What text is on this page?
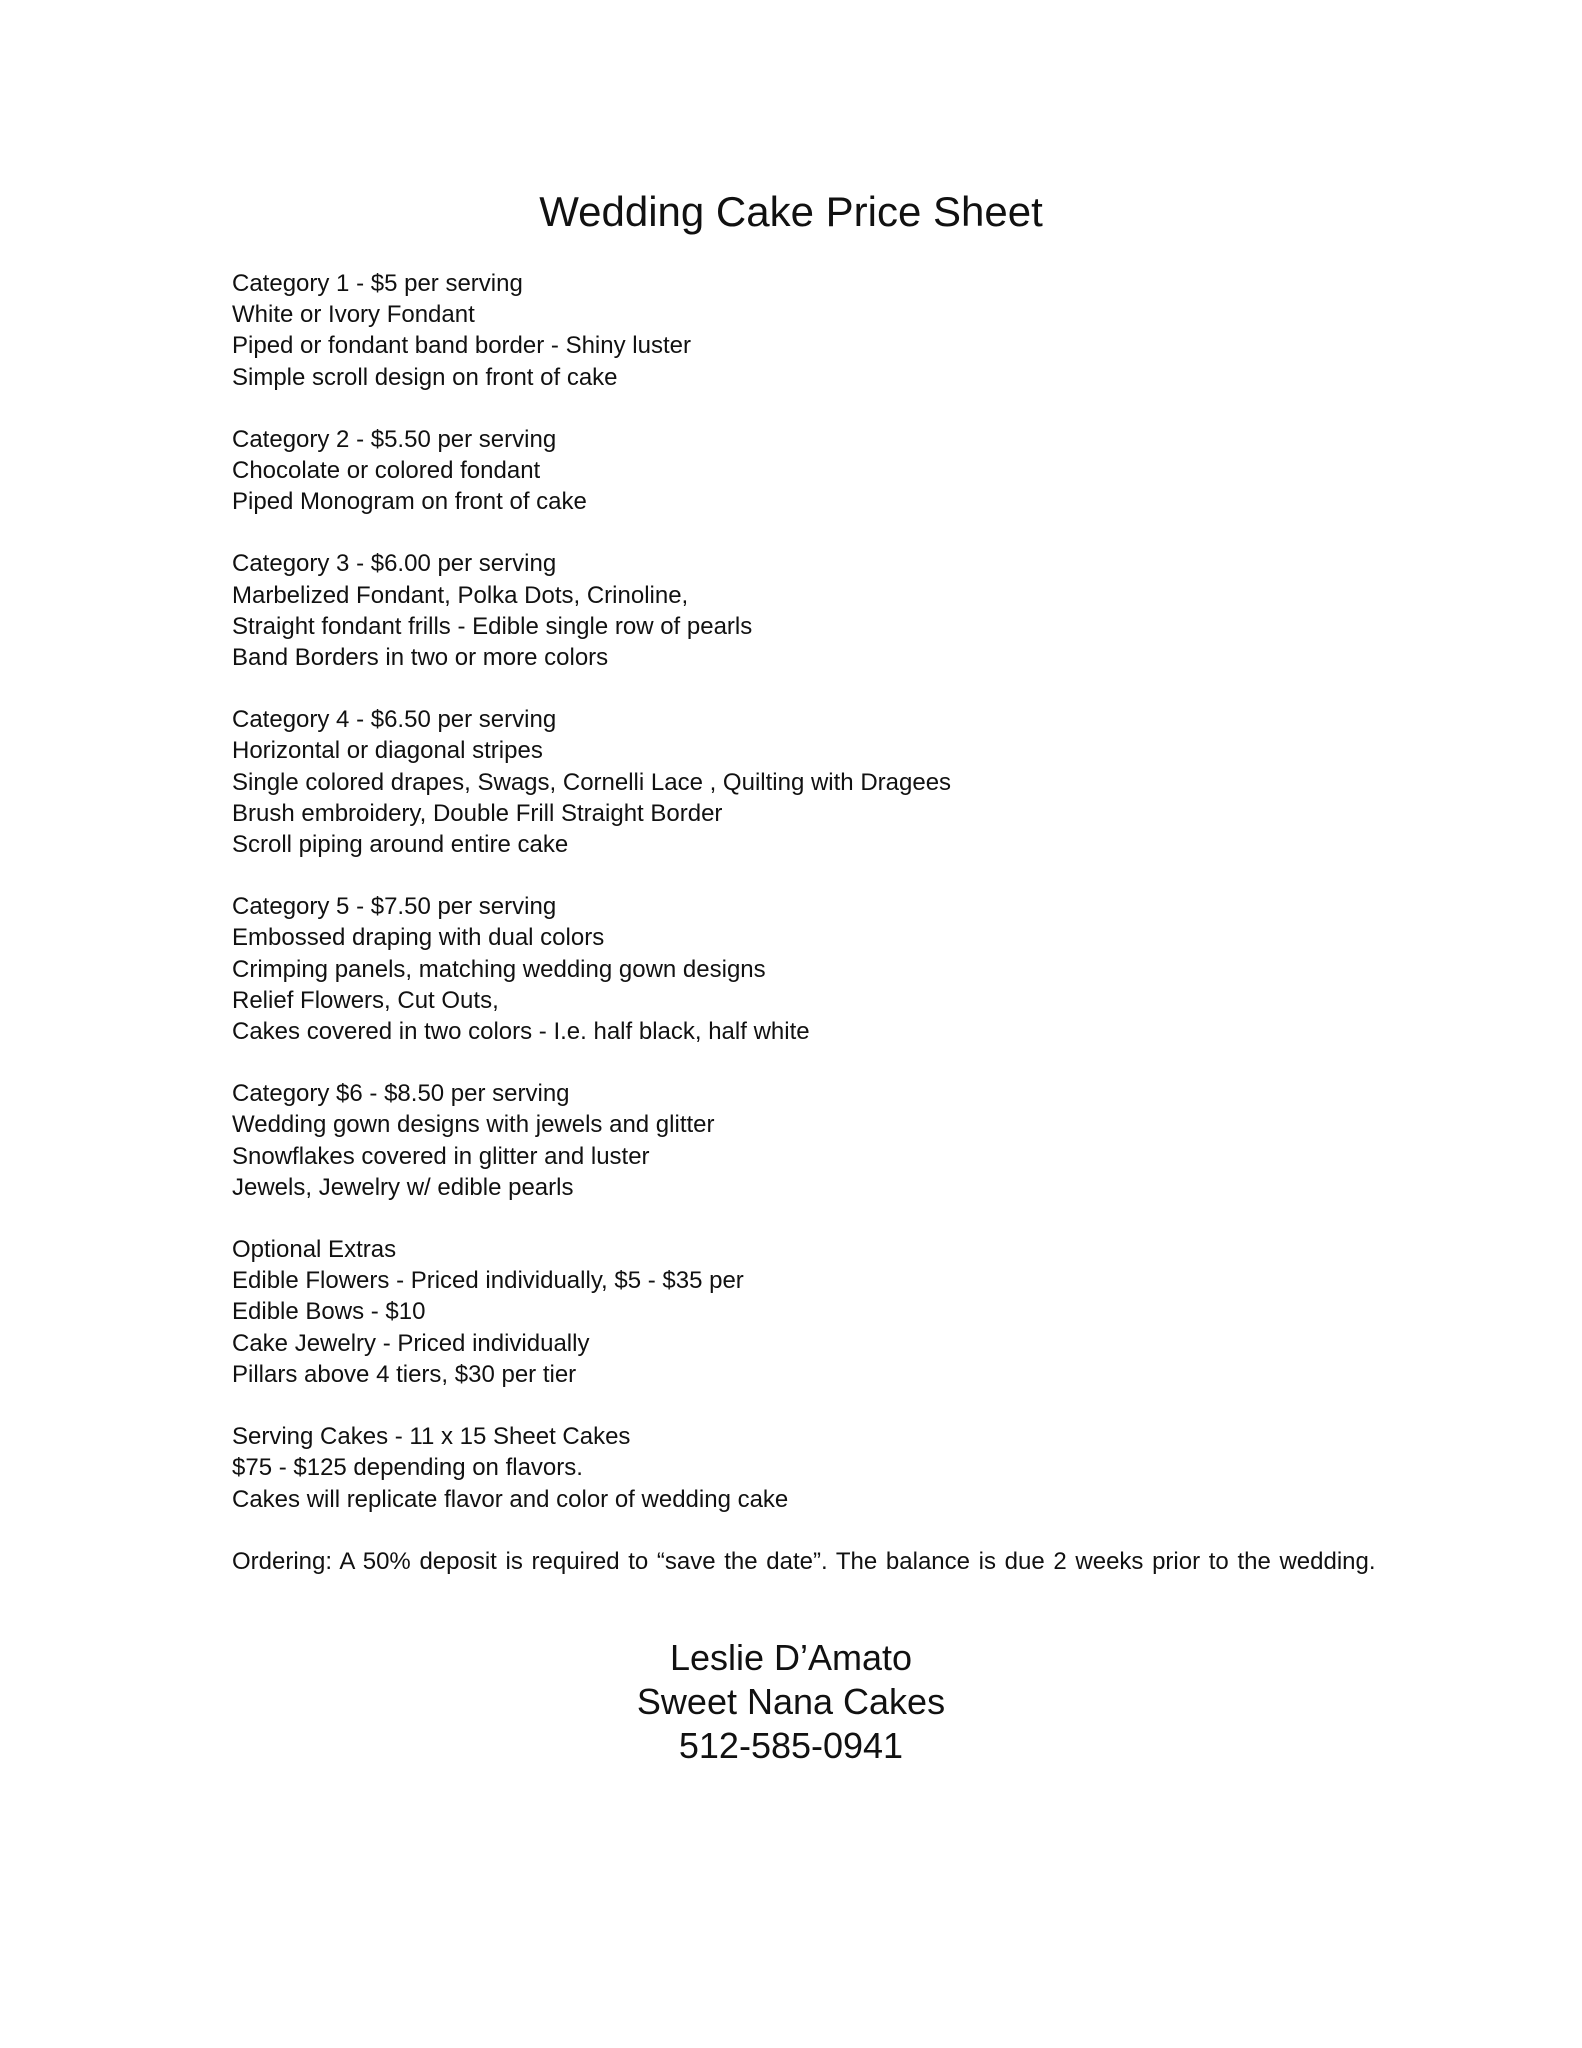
Wedding Cake Price Sheet
Category 1 - $5 per serving
White or Ivory Fondant
Piped or fondant band border - Shiny luster
Simple scroll design on front of cake
Category 2 - $5.50 per serving
Chocolate or colored fondant
Piped Monogram on front of cake
Category 3 - $6.00 per serving
Marbelized Fondant, Polka Dots, Crinoline,
Straight fondant frills - Edible single row of pearls
Band Borders in two or more colors
Category 4 - $6.50 per serving
Horizontal or diagonal stripes
Single colored drapes, Swags, Cornelli Lace , Quilting with Dragees
Brush embroidery, Double Frill Straight Border
Scroll piping around entire cake
Category 5 - $7.50 per serving
Embossed draping with dual colors
Crimping panels, matching wedding gown designs
Relief Flowers, Cut Outs,
Cakes covered in two colors - I.e. half black, half white
Category $6 - $8.50 per serving
Wedding gown designs with jewels and glitter
Snowflakes covered in glitter and luster
Jewels, Jewelry w/ edible pearls
Optional Extras
Edible Flowers - Priced individually, $5 - $35 per
Edible Bows - $10
Cake Jewelry - Priced individually
Pillars above 4 tiers, $30 per tier
Serving Cakes - 11 x 15 Sheet Cakes
$75 - $125 depending on flavors.
Cakes will replicate flavor and color of wedding cake
Ordering: A 50% deposit is required to “save the date”. The balance is due 2 weeks prior to the wedding.
Leslie D’Amato
Sweet Nana Cakes
512-585-0941
